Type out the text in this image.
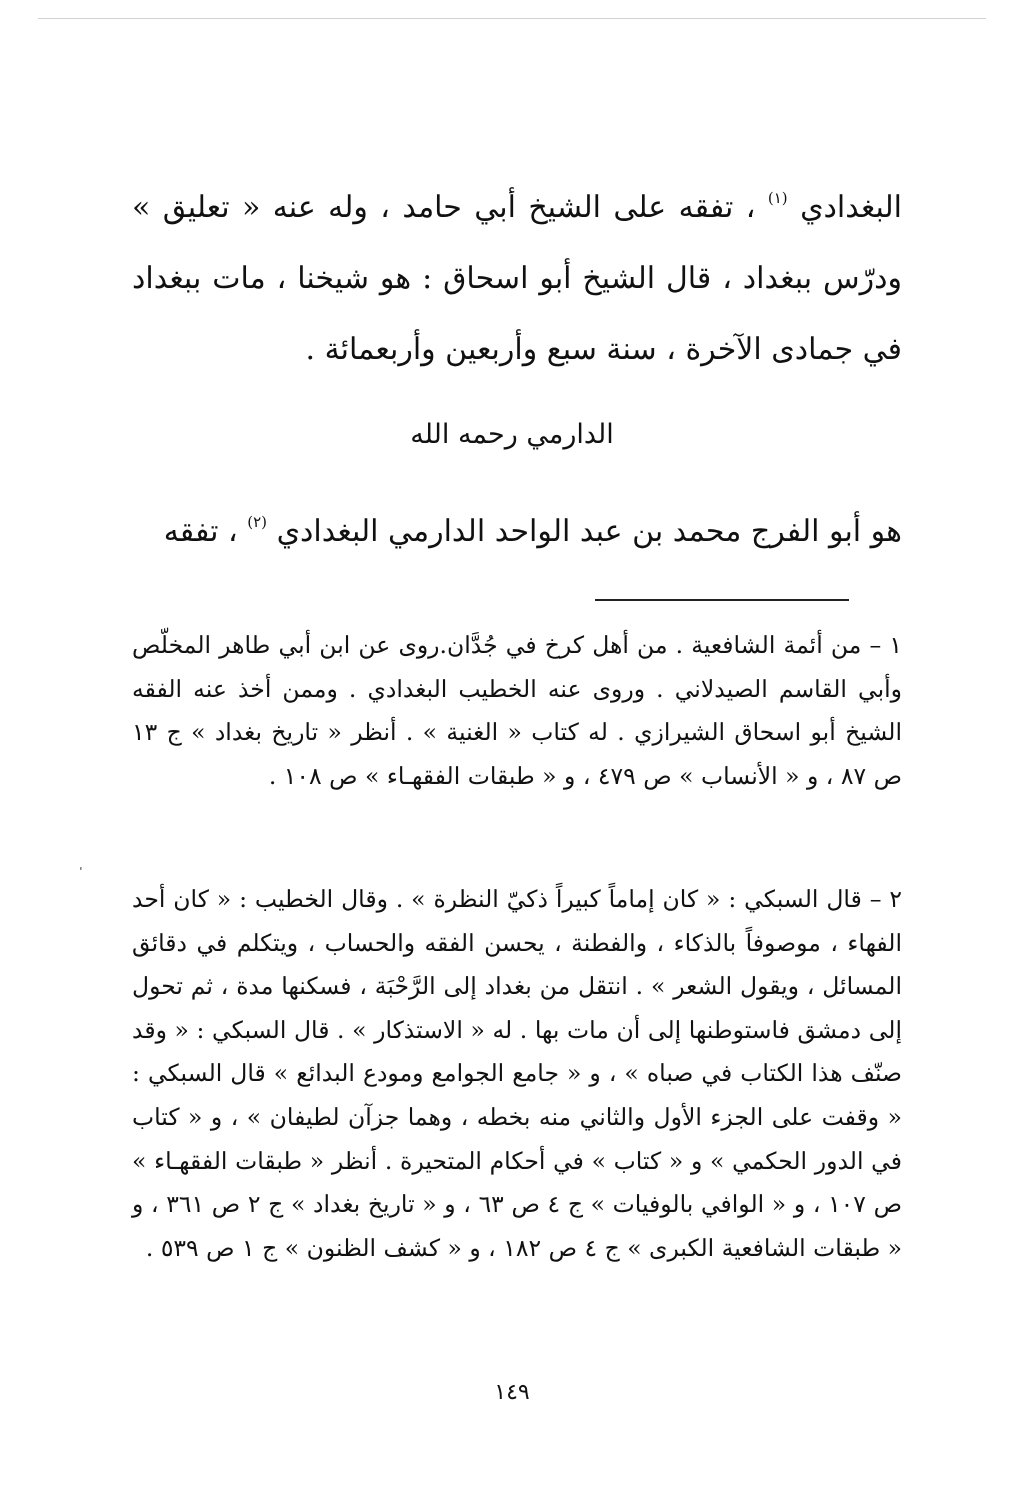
البغدادي $^{(١)}$ ، تفقه على الشيخ أبي حامد ، وله عنه « تعليق » ودرّس ببغداد ، قال الشيخ أبو اسحاق : هو شيخنا ، مات ببغداد في جمادى الآخرة ، سنة سبع وأربعين وأربعمائة .

الدارمي رحمه الله

هو أبو الفرج محمد بن عبد الواحد الدارمي البغدادي $^{(٢)}$ ، تفقه

١ – من أئمة الشافعية . من أهل كرخ في جُدَّان.روى عن ابن أبي طاهر المخلّص وأبي القاسم الصيدلاني . وروى عنه الخطيب البغدادي . وممن أخذ عنه الفقه الشيخ أبو اسحاق الشيرازي . له كتاب « الغنية » . أنظر « تاريخ بغداد » ج ١٣ ص ٨٧ ، و « الأنساب » ص ٤٧٩ ، و « طبقات الفقهـاء » ص ١٠٨ .

٢ – قال السبكي : « كان إماماً كبيراً ذكيّ النظرة » . وقال الخطيب : « كان أحد الفهاء ، موصوفاً بالذكاء ، والفطنة ، يحسن الفقه والحساب ، ويتكلم في دقائق المسائل ، ويقول الشعر » . انتقل من بغداد إلى الرَّحْبَة ، فسكنها مدة ، ثم تحول إلى دمشق فاستوطنها إلى أن مات بها . له « الاستذكار » . قال السبكي : « وقد صنّف هذا الكتاب في صباه » ، و « جامع الجوامع ومودع البدائع » قال السبكي : « وقفت على الجزء الأول والثاني منه بخطه ، وهما جزآن لطيفان » ، و « كتاب في الدور الحكمي » و « كتاب » في أحكام المتحيرة . أنظر « طبقات الفقهـاء » ص ١٠٧ ، و « الوافي بالوفيات » ج ٤ ص ٦٣ ، و « تاريخ بغداد » ج ٢ ص ٣٦١ ، و « طبقات الشافعية الكبرى » ج ٤ ص ١٨٢ ، و « كشف الظنون » ج ١ ص ٥٣٩ .

١٤٩
